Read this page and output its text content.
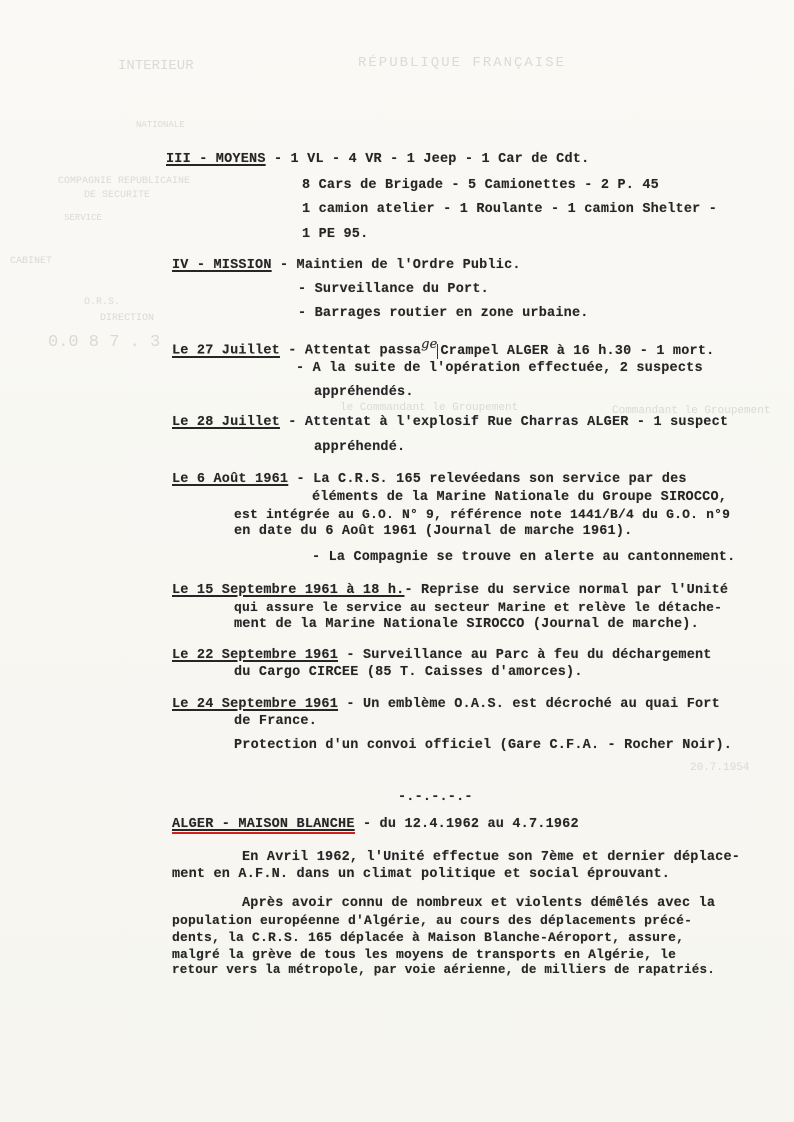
INTERIEUR
NATIONALE
RÉPUBLIQUE FRANÇAISE
COMPAGNIE REPUBLICAINE
DE SECURITE
SERVICE
CABINET
O.R.S.
DIRECTION
0.0 8 7 . 3
le Commandant le Groupement	Commandant le Groupement
20.7.1954
III - MOYENS - 1 VL - 4 VR - 1 Jeep - 1 Car de Cdt.
8 Cars de Brigade - 5 Camionettes - 2 P. 45
1 camion atelier - 1 Roulante - 1 camion Shelter -
1 PE 95.
IV - MISSION - Maintien de l'Ordre Public.
- Surveillance du Port.
- Barrages routier en zone urbaine.
Le 27 Juillet - Attentat passa$^{ge}$ Crampel ALGER à 16 h.30 - 1 mort.
- A la suite de l'opération effectuée, 2 suspects
appréhendés.
Le 28 Juillet - Attentat à l'explosif Rue Charras ALGER - 1 suspect
appréhendé.
Le 6 Août 1961 - La C.R.S. 165 relevéedans son service par des
éléments de la Marine Nationale du Groupe SIROCCO,
est intégrée au G.O. N° 9, référence note 1441/B/4 du G.O. n°9
en date du 6 Août 1961 (Journal de marche 1961).
- La Compagnie se trouve en alerte au cantonnement.
Le 15 Septembre 1961 à 18 h.- Reprise du service normal par l'Unité
qui assure le service au secteur Marine et relève le détache-
ment de la Marine Nationale SIROCCO (Journal de marche).
Le 22 Septembre 1961 - Surveillance au Parc à feu du déchargement
du Cargo CIRCEE (85 T. Caisses d'amorces).
Le 24 Septembre 1961 - Un emblème O.A.S. est décroché au quai Fort
de France.
Protection d'un convoi officiel (Gare C.F.A. - Rocher Noir).
-.-.-.-.-
ALGER - MAISON BLANCHE - du 12.4.1962 au 4.7.1962
En Avril 1962, l'Unité effectue son 7ème et dernier déplace-
ment en A.F.N. dans un climat politique et social éprouvant.
Après avoir connu de nombreux et violents démêlés avec la
population européenne d'Algérie, au cours des déplacements précé-
dents, la C.R.S. 165 déplacée à Maison Blanche-Aéroport, assure,
malgré la grève de tous les moyens de transports en Algérie, le
retour vers la métropole, par voie aérienne, de milliers de rapatriés.
